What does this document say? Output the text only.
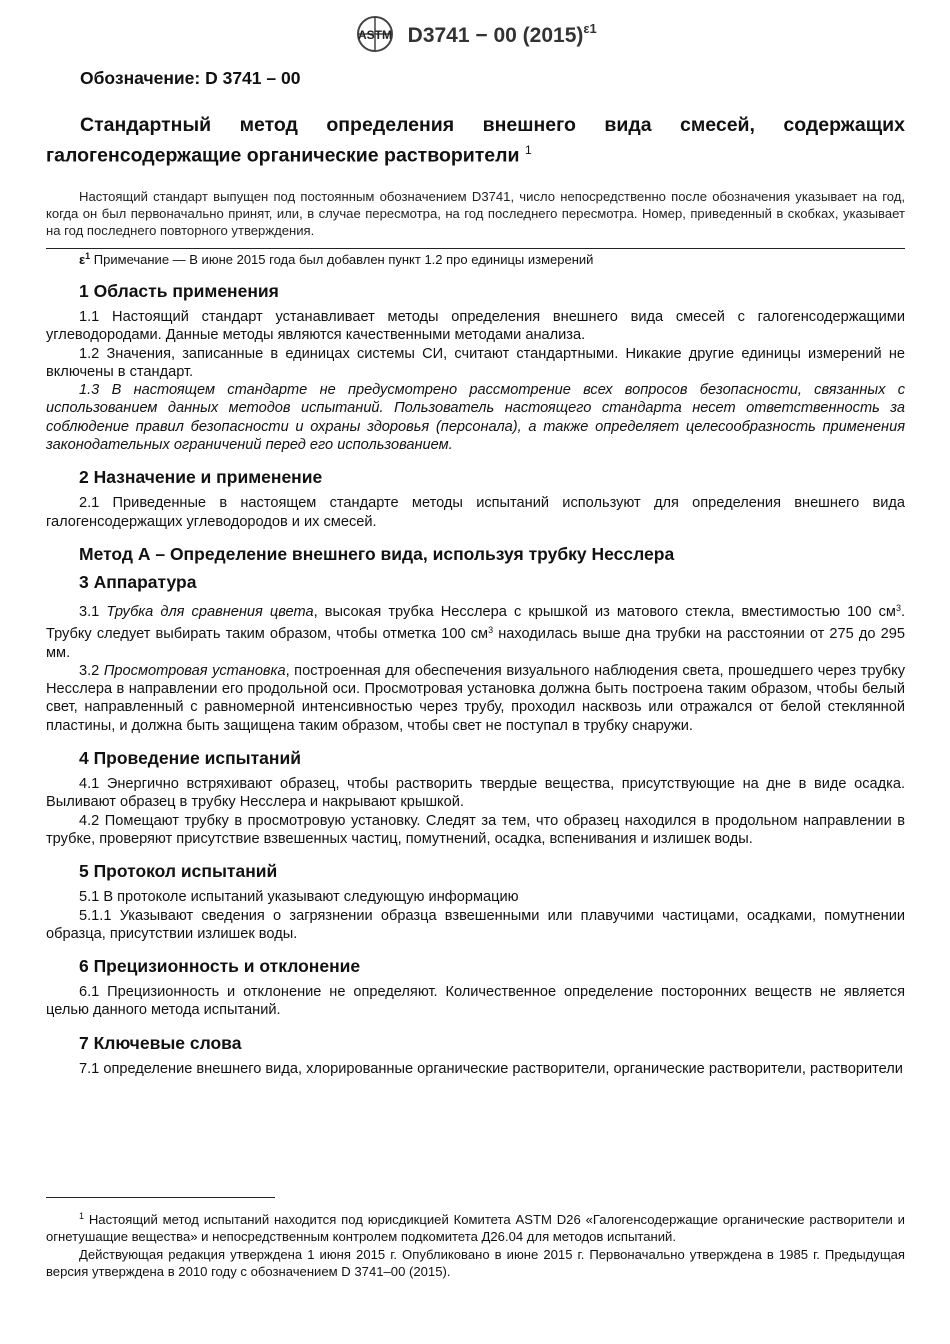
ASTM D3741 − 00 $(2015)^{\varepsilon 1}$

Обозначение: D 3741 – 00

Стандартный метод определения внешнего вида смесей, содержащих галогенсодержащие органические растворители $^1$

Настоящий стандарт выпущен под постоянным обозначением D3741, число непосредственно после обозначения указывает на год, когда он был первоначально принят, или, в случае пересмотра, на год последнего пересмотра. Номер, приведенный в скобках, указывает на год последнего повторного утверждения.

$\varepsilon^1$ Примечание — В июне 2015 года был добавлен пункт 1.2 про единицы измерений

1 Область применения

1.1 Настоящий стандарт устанавливает методы определения внешнего вида смесей с галогенсодержащими углеводородами. Данные методы являются качественными методами анализа.

1.2 Значения, записанные в единицах системы СИ, считают стандартными. Никакие другие единицы измерений не включены в стандарт.

1.3 В настоящем стандарте не предусмотрено рассмотрение всех вопросов безопасности, связанных с использованием данных методов испытаний. Пользователь настоящего стандарта несет ответственность за соблюдение правил безопасности и охраны здоровья (персонала), а также определяет целесообразность применения законодательных ограничений перед его использованием.

2 Назначение и применение

2.1 Приведенные в настоящем стандарте методы испытаний используют для определения внешнего вида галогенсодержащих углеводородов и их смесей.

Метод А – Определение внешнего вида, используя трубку Несслера
3 Аппаратура

3.1 Трубка для сравнения цвета, высокая трубка Несслера с крышкой из матового стекла, вместимостью 100 $см^3$. Трубку следует выбирать таким образом, чтобы отметка 100 $см^3$ находилась выше дна трубки на расстоянии от 275 до 295 мм.

3.2 Просмотровая установка, построенная для обеспечения визуального наблюдения света, прошедшего через трубку Несслера в направлении его продольной оси. Просмотровая установка должна быть построена таким образом, чтобы белый свет, направленный с равномерной интенсивностью через трубу, проходил насквозь или отражался от белой стеклянной пластины, и должна быть защищена таким образом, чтобы свет не поступал в трубку снаружи.

4 Проведение испытаний

4.1 Энергично встряхивают образец, чтобы растворить твердые вещества, присутствующие на дне в виде осадка. Выливают образец в трубку Несслера и накрывают крышкой.

4.2 Помещают трубку в просмотровую установку. Следят за тем, что образец находился в продольном направлении в трубке, проверяют присутствие взвешенных частиц, помутнений, осадка, вспенивания и излишек воды.

5 Протокол испытаний

5.1 В протоколе испытаний указывают следующую информацию

5.1.1 Указывают сведения о загрязнении образца взвешенными или плавучими частицами, осадками, помутнении образца, присутствии излишек воды.

6 Прецизионность и отклонение

6.1 Прецизионность и отклонение не определяют. Количественное определение посторонних веществ не является целью данного метода испытаний.

7 Ключевые слова

7.1 определение внешнего вида, хлорированные органические растворители, органические растворители, растворители

$^1$ Настоящий метод испытаний находится под юрисдикцией Комитета ASTM D26 «Галогенсодержащие органические растворители и огнетушащие вещества» и непосредственным контролем подкомитета Д26.04 для методов испытаний.

Действующая редакция утверждена 1 июня 2015 г. Опубликовано в июне 2015 г. Первоначально утверждена в 1985 г. Предыдущая версия утверждена в 2010 году с обозначением D 3741–00 (2015).
